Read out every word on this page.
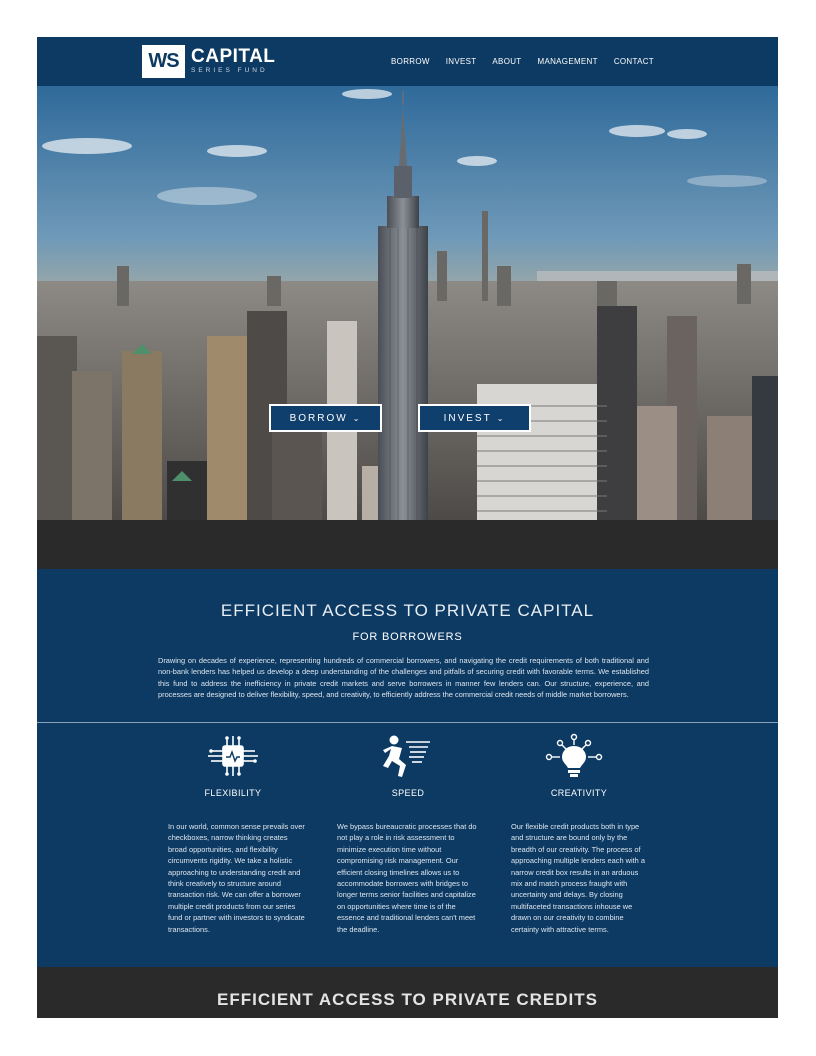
WS CAPITAL
SERIES FUND
BORROW INVEST ABOUT MANAGEMENT CONTACT
BORROW ⌄	INVEST ⌄
EFFICIENT ACCESS TO PRIVATE CAPITAL
FOR BORROWERS

Drawing on decades of experience, representing hundreds of commercial borrowers, and navigating the credit requirements of both traditional and non-bank lenders has helped us develop a deep understanding of the challenges and pitfalls of securing credit with favorable terms. We established this fund to address the inefficiency in private credit markets and serve borrowers in manner few lenders can. Our structure, experience, and processes are designed to deliver flexibility, speed, and creativity, to efficiently address the commercial credit needs of middle market borrowers.

FLEXIBILITY

In our world, common sense prevails over checkboxes, narrow thinking creates broad opportunities, and flexibility circumvents rigidity. We take a holistic approaching to understanding credit and think creatively to structure around transaction risk. We can offer a borrower multiple credit products from our series fund or partner with investors to syndicate transactions.

SPEED

We bypass bureaucratic processes that do not play a role in risk assessment to minimize execution time without compromising risk management. Our efficient closing timelines allows us to accommodate borrowers with bridges to longer terms senior facilities and capitalize on opportunities where time is of the essence and traditional lenders can't meet the deadline.

CREATIVITY

Our flexible credit products both in type and structure are bound only by the breadth of our creativity. The process of approaching multiple lenders each with a narrow credit box results in an arduous mix and match process fraught with uncertainty and delays. By closing multifaceted transactions inhouse we drawn on our creativity to combine certainty with attractive terms.

EFFICIENT ACCESS TO PRIVATE CREDITS
